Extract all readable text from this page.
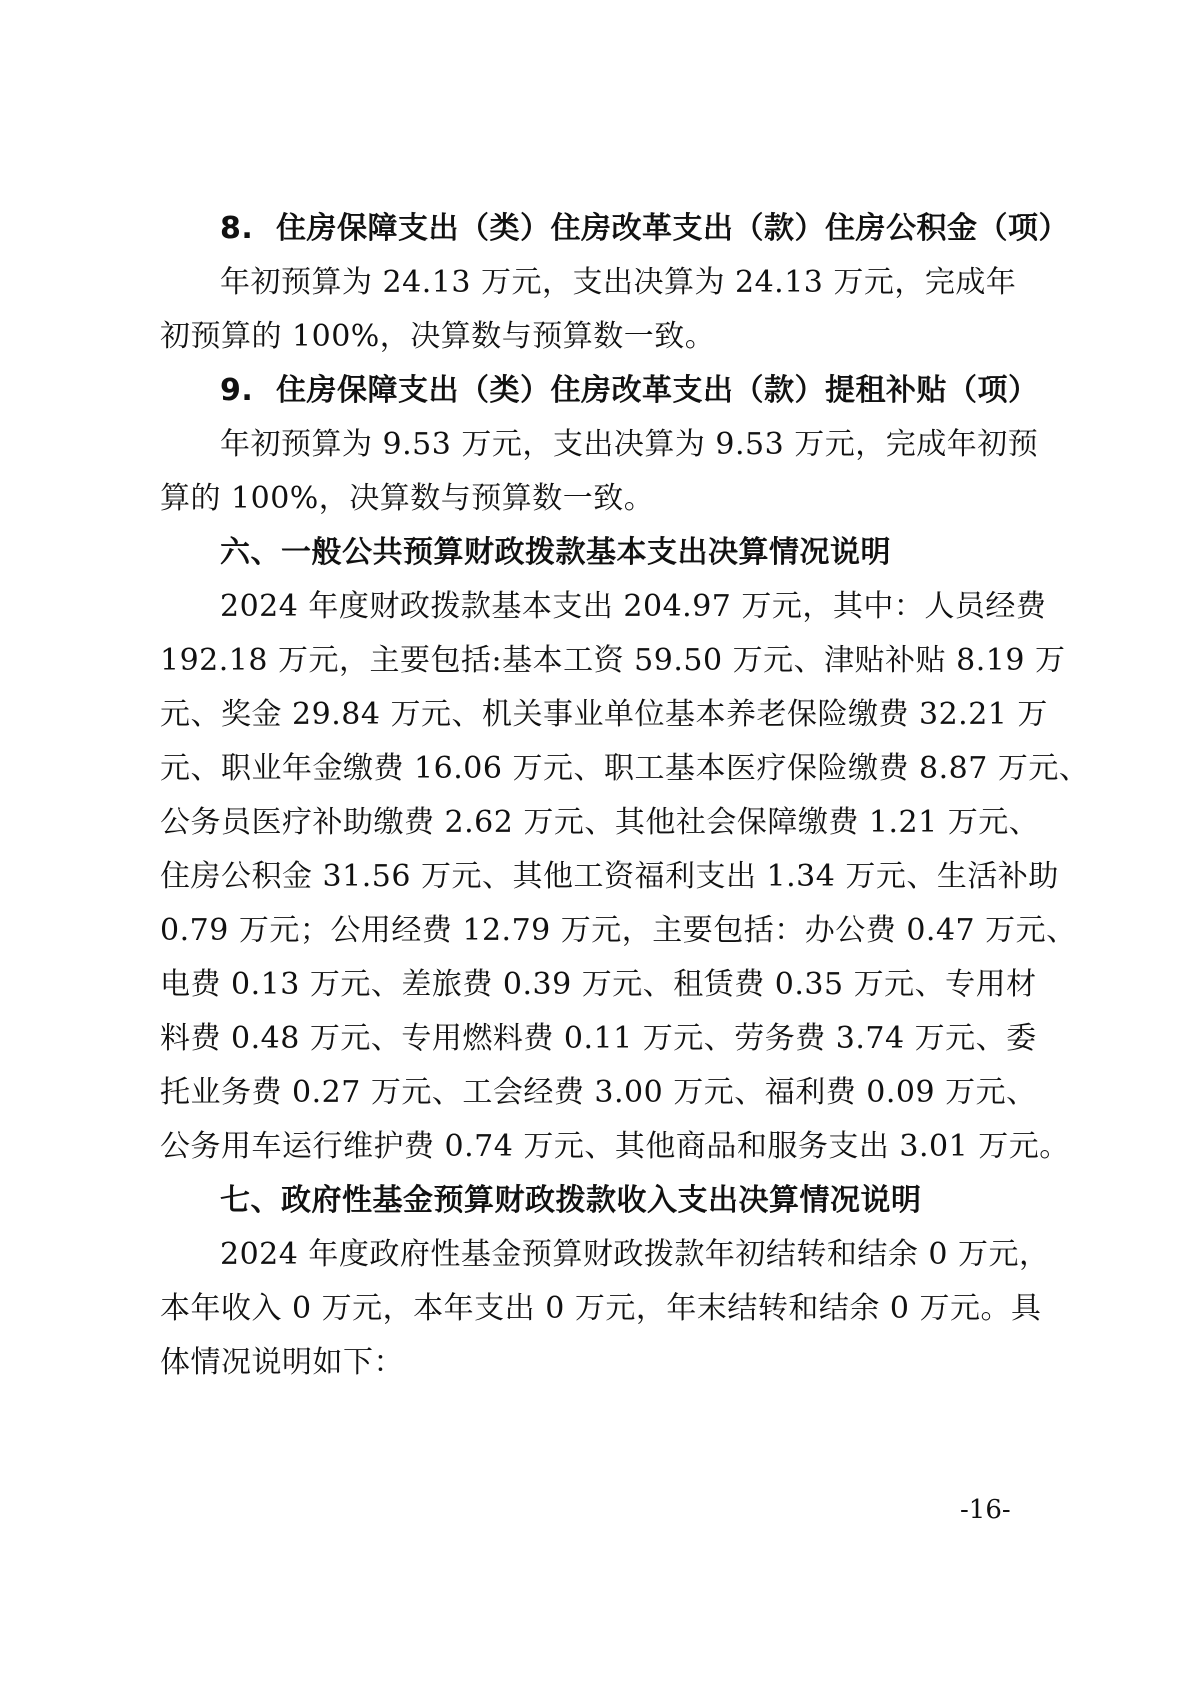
8. 住房保障支出（类）住房改革支出（款）住房公积金（项）
年初预算为 24.13 万元，支出决算为 24.13 万元，完成年
初预算的 100%，决算数与预算数一致。
9. 住房保障支出（类）住房改革支出（款）提租补贴（项）
年初预算为 9.53 万元，支出决算为 9.53 万元，完成年初预
算的 100%，决算数与预算数一致。
六、一般公共预算财政拨款基本支出决算情况说明
2024 年度财政拨款基本支出 204.97 万元，其中：人员经费
192.18 万元，主要包括:基本工资 59.50 万元、津贴补贴 8.19 万
元、奖金 29.84 万元、机关事业单位基本养老保险缴费 32.21 万
元、职业年金缴费 16.06 万元、职工基本医疗保险缴费 8.87 万元、
公务员医疗补助缴费 2.62 万元、其他社会保障缴费 1.21 万元、
住房公积金 31.56 万元、其他工资福利支出 1.34 万元、生活补助
0.79 万元；公用经费 12.79 万元，主要包括：办公费 0.47 万元、
电费 0.13 万元、差旅费 0.39 万元、租赁费 0.35 万元、专用材
料费 0.48 万元、专用燃料费 0.11 万元、劳务费 3.74 万元、委
托业务费 0.27 万元、工会经费 3.00 万元、福利费 0.09 万元、
公务用车运行维护费 0.74 万元、其他商品和服务支出 3.01 万元。
七、政府性基金预算财政拨款收入支出决算情况说明
2024 年度政府性基金预算财政拨款年初结转和结余 0 万元，
本年收入 0 万元，本年支出 0 万元，年末结转和结余 0 万元。具
体情况说明如下：
-16-
